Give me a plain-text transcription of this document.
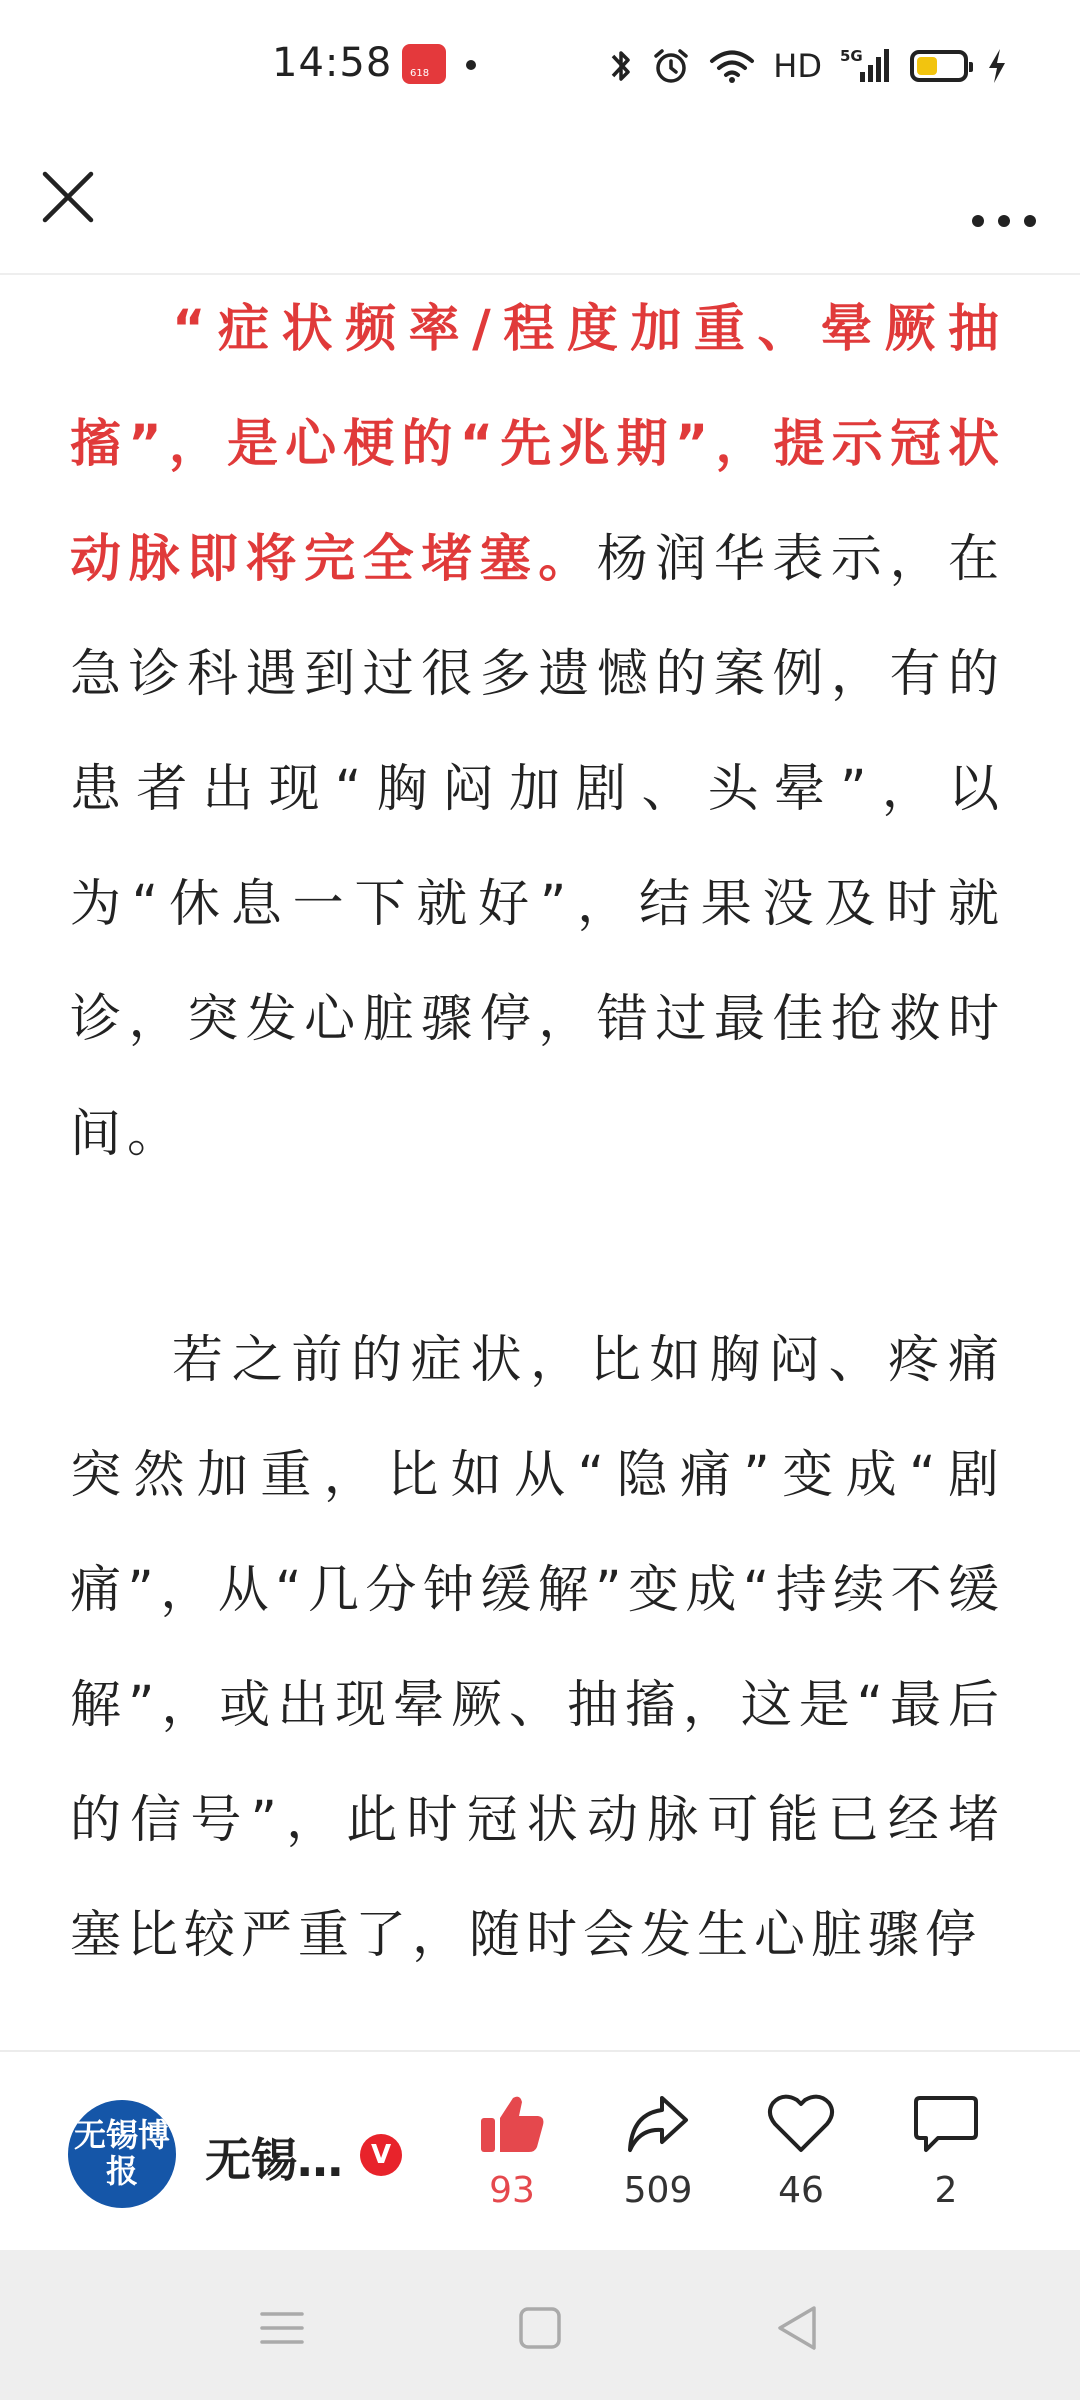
14:58
618	HD 5G

“症状频率/程度加重、晕厥抽搐”，是心梗的“先兆期”，提示冠状动脉即将完全堵塞。杨润华表示，在急诊科遇到过很多遗憾的案例，有的患者出现“胸闷加剧、头晕”，以为“休息一下就好”，结果没及时就诊，突发心脏骤停，错过最佳抢救时间。

若之前的症状，比如胸闷、疼痛突然加重，比如从“隐痛”变成“剧痛”，从“几分钟缓解”变成“持续不缓解”，或出现晕厥、抽搐，这是“最后的信号”，此时冠状动脉可能已经堵塞比较严重了，随时会发生心脏骤停

无锡博报	无锡…	V
93	509	46	2
